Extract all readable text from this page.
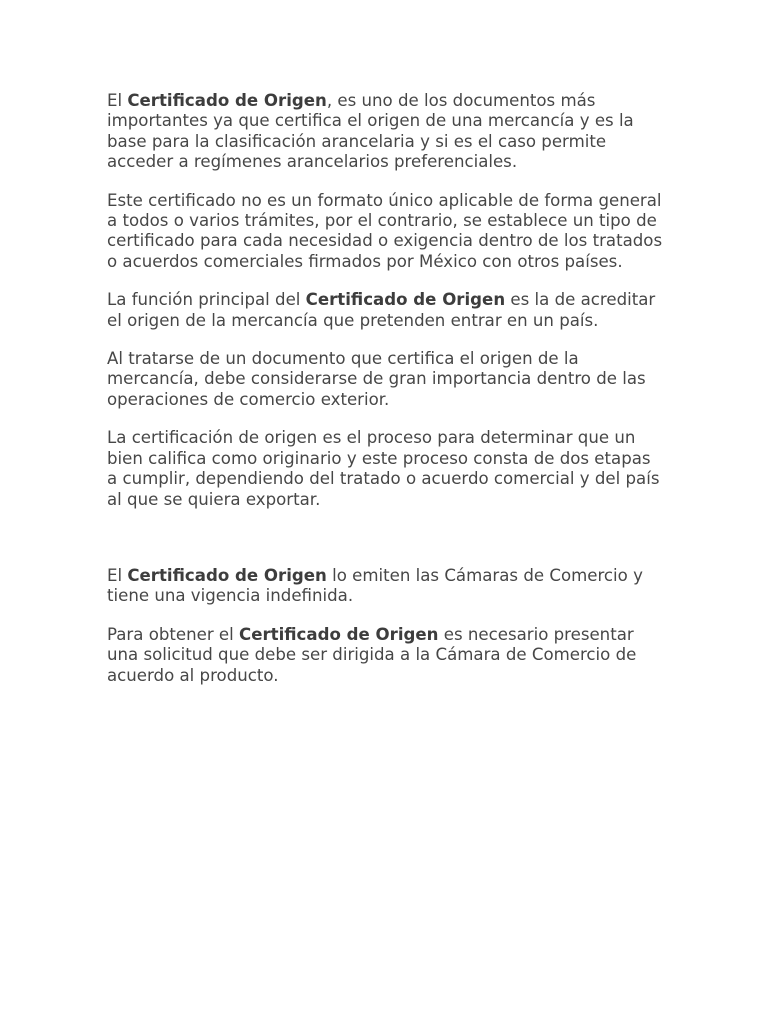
El Certificado de Origen, es uno de los documentos más importantes ya que certifica el origen de una mercancía y es la base para la clasificación arancelaria y si es el caso permite acceder a regímenes arancelarios preferenciales.

Este certificado no es un formato único aplicable de forma general a todos o varios trámites, por el contrario, se establece un tipo de certificado para cada necesidad o exigencia dentro de los tratados o acuerdos comerciales firmados por México con otros países.

La función principal del Certificado de Origen es la de acreditar el origen de la mercancía que pretenden entrar en un país.

Al tratarse de un documento que certifica el origen de la mercancía, debe considerarse de gran importancia dentro de las operaciones de comercio exterior.

La certificación de origen es el proceso para determinar que un bien califica como originario y este proceso consta de dos etapas a cumplir, dependiendo del tratado o acuerdo comercial y del país al que se quiera exportar.

El Certificado de Origen lo emiten las Cámaras de Comercio y tiene una vigencia indefinida.

Para obtener el Certificado de Origen es necesario presentar una solicitud que debe ser dirigida a la Cámara de Comercio de acuerdo al producto.
